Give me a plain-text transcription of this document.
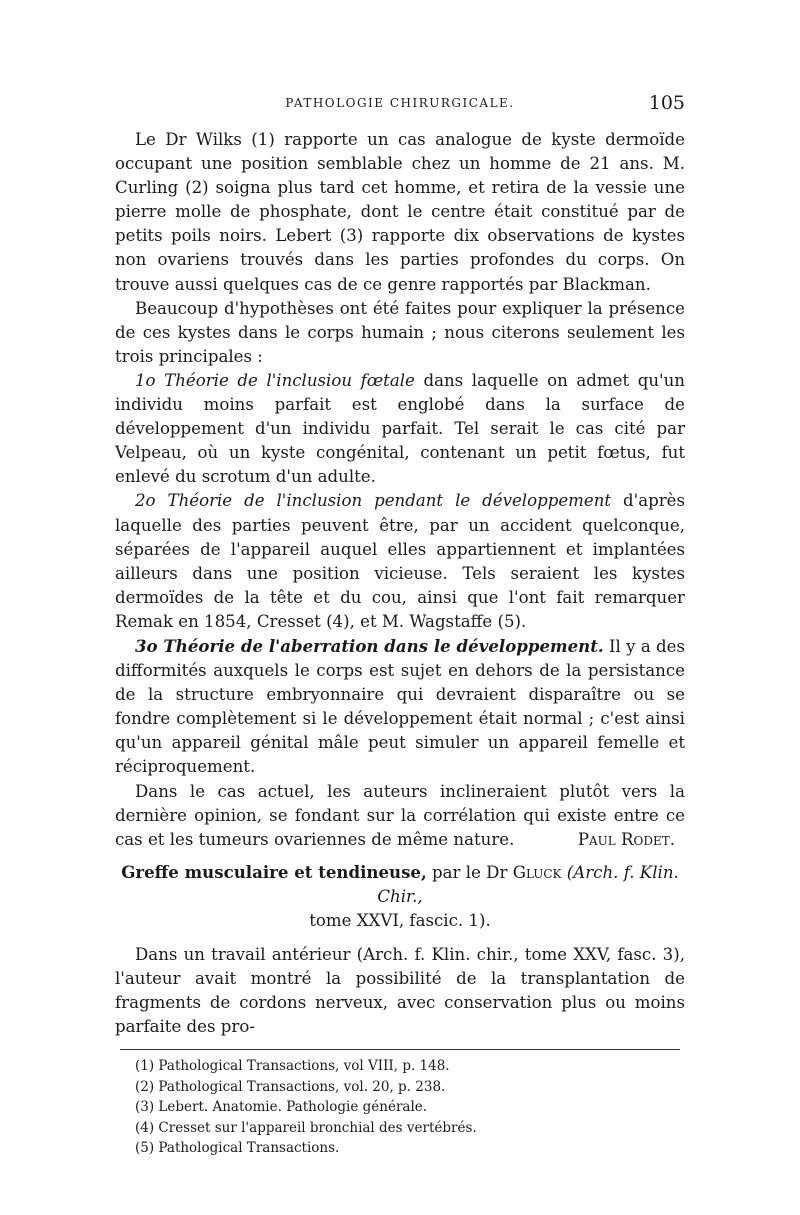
PATHOLOGIE CHIRURGICALE.	105

Le Dr Wilks (1) rapporte un cas analogue de kyste dermoïde occupant une position semblable chez un homme de 21 ans. M. Curling (2) soigna plus tard cet homme, et retira de la vessie une pierre molle de phosphate, dont le centre était constitué par de petits poils noirs. Lebert (3) rapporte dix observations de kystes non ovariens trouvés dans les parties profondes du corps. On trouve aussi quelques cas de ce genre rapportés par Blackman.

Beaucoup d'hypothèses ont été faites pour expliquer la présence de ces kystes dans le corps humain ; nous citerons seulement les trois principales :

1o Théorie de l'inclusiou fœtale dans laquelle on admet qu'un individu moins parfait est englobé dans la surface de développement d'un individu parfait. Tel serait le cas cité par Velpeau, où un kyste congénital, contenant un petit fœtus, fut enlevé du scrotum d'un adulte.

2o Théorie de l'inclusion pendant le développement d'après laquelle des parties peuvent être, par un accident quelconque, séparées de l'appareil auquel elles appartiennent et implantées ailleurs dans une position vicieuse. Tels seraient les kystes dermoïdes de la tête et du cou, ainsi que l'ont fait remarquer Remak en 1854, Cresset (4), et M. Wagstaffe (5).

3o Théorie de l'aberration dans le développement. Il y a des difformités auxquels le corps est sujet en dehors de la persistance de la structure embryonnaire qui devraient disparaître ou se fondre complètement si le développement était normal ; c'est ainsi qu'un appareil génital mâle peut simuler un appareil femelle et réciproquement.

Dans le cas actuel, les auteurs inclineraient plutôt vers la dernière opinion, se fondant sur la corrélation qui existe entre ce cas et les tumeurs ovariennes de même nature.	Paul Rodet.

Greffe musculaire et tendineuse, par le Dr Gluck (Arch. f. Klin. Chir.,
tome XXVI, fascic. 1).

Dans un travail antérieur (Arch. f. Klin. chir., tome XXV, fasc. 3), l'auteur avait montré la possibilité de la transplantation de fragments de cordons nerveux, avec conservation plus ou moins parfaite des pro-

(1) Pathological Transactions, vol VIII, p. 148.
(2) Pathological Transactions, vol. 20, p. 238.
(3) Lebert. Anatomie. Pathologie générale.
(4) Cresset sur l'appareil bronchial des vertébrés.
(5) Pathological Transactions.
